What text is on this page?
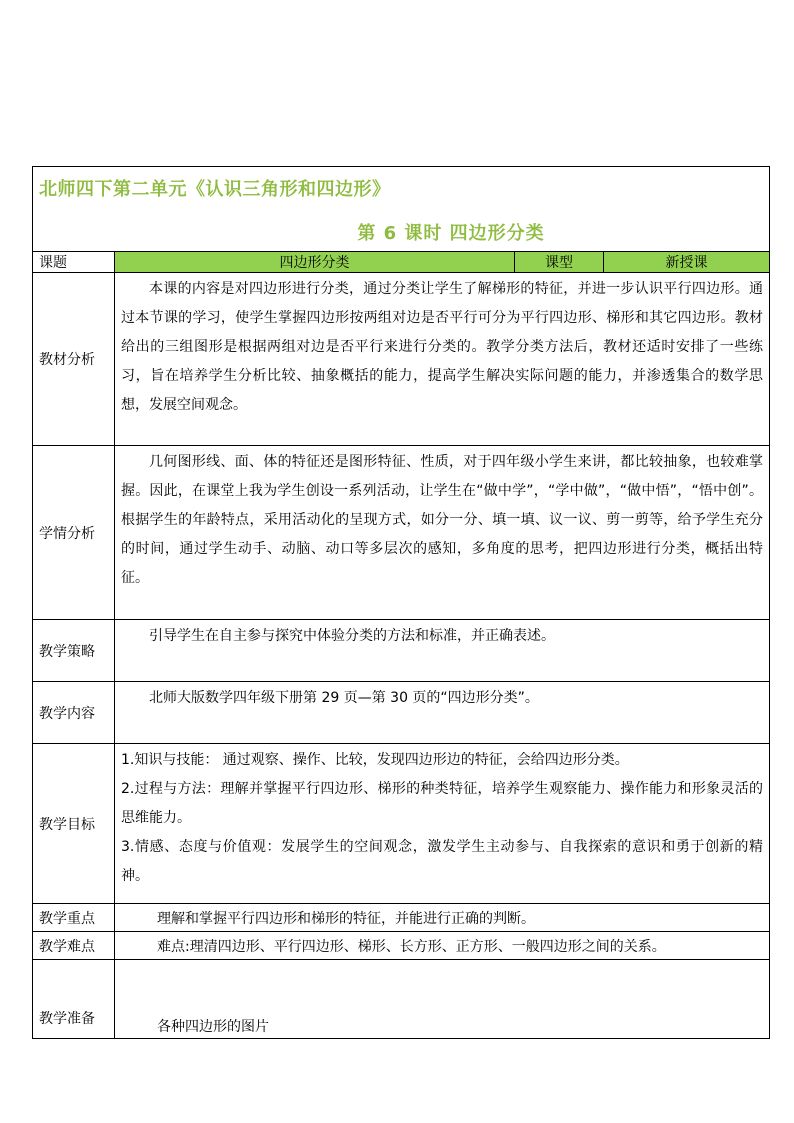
北师四下第二单元《认识三角形和四边形》
第 6 课时 四边形分类			

课题	四边形分类	课型	新授课
教材分析	本课的内容是对四边形进行分类，通过分类让学生了解梯形的特征，并进一步认识平行四边形。通过本节课的学习，使学生掌握四边形按两组对边是否平行可分为平行四边形、梯形和其它四边形。教材给出的三组图形是根据两组对边是否平行来进行分类的。教学分类方法后，教材还适时安排了一些练习，旨在培养学生分析比较、抽象概括的能力，提高学生解决实际问题的能力，并渗透集合的数学思想，发展空间观念。		
学情分析	几何图形线、面、体的特征还是图形特征、性质，对于四年级小学生来讲，都比较抽象，也较难掌握。因此，在课堂上我为学生创设一系列活动，让学生在“做中学”，“学中做”，“做中悟”，“悟中创”。根据学生的年龄特点，采用活动化的呈现方式，如分一分、填一填、议一议、剪一剪等，给予学生充分的时间，通过学生动手、动脑、动口等多层次的感知，多角度的思考，把四边形进行分类，概括出特征。		
教学策略	引导学生在自主参与探究中体验分类的方法和标准，并正确表述。		
教学内容	北师大版数学四年级下册第 29 页—第 30 页的“四边形分类”。		
教学目标	1.知识与技能： 通过观察、操作、比较，发现四边形边的特征，会给四边形分类。

2.过程与方法：理解并掌握平行四边形、梯形的种类特征，培养学生观察能力、操作能力和形象灵活的思维能力。

3.情感、态度与价值观：发展学生的空间观念，激发学生主动参与、自我探索的意识和勇于创新的精神。		

教学重点	理解和掌握平行四边形和梯形的特征，并能进行正确的判断。		
教学难点	难点:理清四边形、平行四边形、梯形、长方形、正方形、一般四边形之间的关系。		
教学准备	各种四边形的图片		
